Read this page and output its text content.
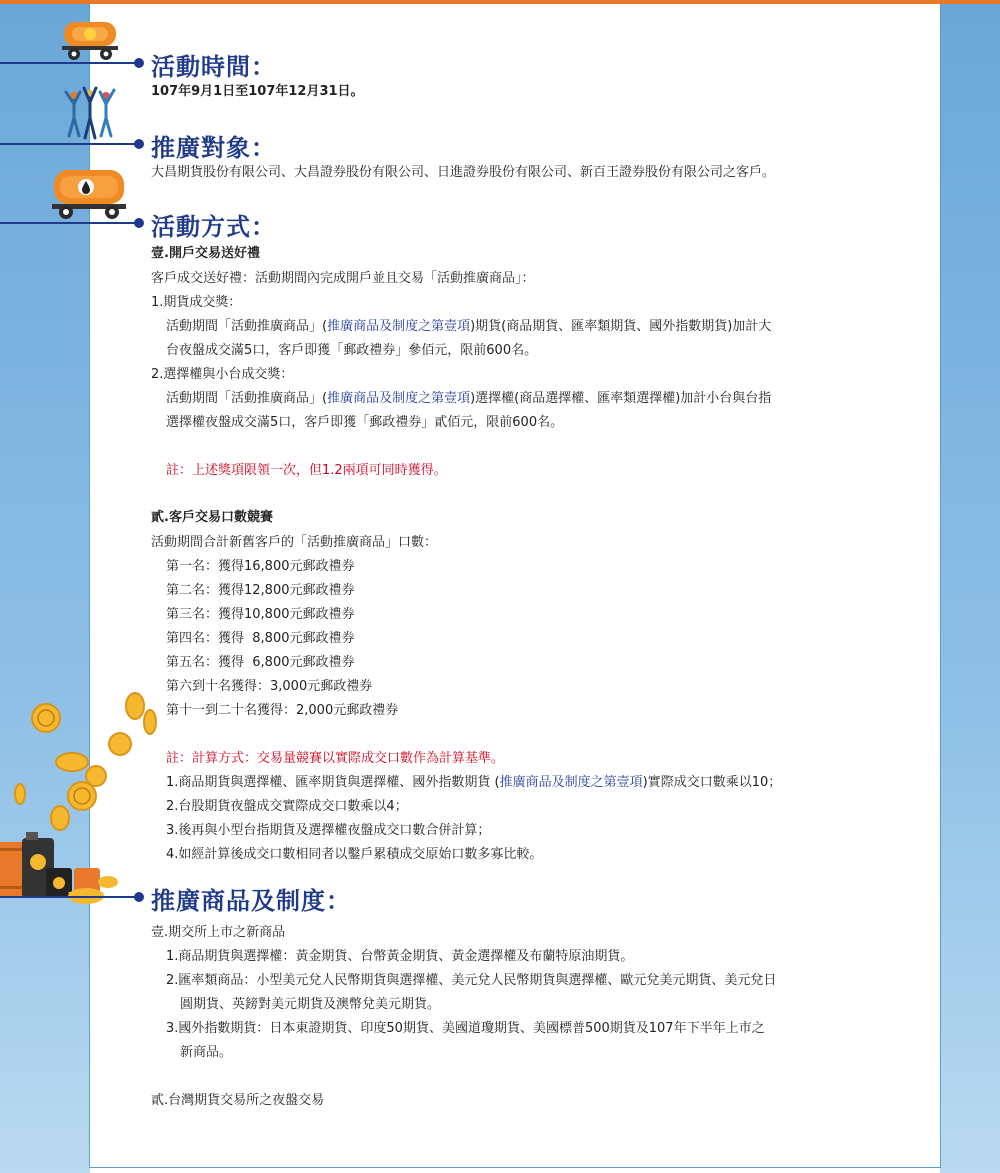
活動時間：
107年9月1日至107年12月31日。
推廣對象：
大昌期貨股份有限公司、大昌證券股份有限公司、日進證券股份有限公司、新百王證券股份有限公司之客戶。
活動方式：
壹.開戶交易送好禮
客戶成交送好禮：活動期間內完成開戶並且交易「活動推廣商品」：
1.期貨成交獎：
活動期間「活動推廣商品」(推廣商品及制度之第壹項)期貨(商品期貨、匯率類期貨、國外指數期貨)加計大
台夜盤成交滿5口，客戶即獲「郵政禮券」參佰元，限前600名。
2.選擇權與小台成交獎：
活動期間「活動推廣商品」(推廣商品及制度之第壹項)選擇權(商品選擇權、匯率類選擇權)加計小台與台指
選擇權夜盤成交滿5口，客戶即獲「郵政禮券」貳佰元，限前600名。
註：上述獎項限領一次，但1.2兩項可同時獲得。
貳.客戶交易口數競賽
活動期間合計新舊客戶的「活動推廣商品」口數：
第一名：獲得16,800元郵政禮券
第二名：獲得12,800元郵政禮券
第三名：獲得10,800元郵政禮券
第四名：獲得  8,800元郵政禮券
第五名：獲得  6,800元郵政禮券
第六到十名獲得：3,000元郵政禮券
第十一到二十名獲得：2,000元郵政禮券
註：計算方式：交易量競賽以實際成交口數作為計算基準。
1.商品期貨與選擇權、匯率期貨與選擇權、國外指數期貨 (推廣商品及制度之第壹項)實際成交口數乘以10；
2.台股期貨夜盤成交實際成交口數乘以4；
3.後再與小型台指期貨及選擇權夜盤成交口數合併計算；
4.如經計算後成交口數相同者以鑿戶累積成交原始口數多寡比較。
推廣商品及制度：
壹.期交所上市之新商品
1.商品期貨與選擇權：黃金期貨、台幣黃金期貨、黃金選擇權及布蘭特原油期貨。
2.匯率類商品：小型美元兌人民幣期貨與選擇權、美元兌人民幣期貨與選擇權、歐元兌美元期貨、美元兌日
圓期貨、英鎊對美元期貨及澳幣兌美元期貨。
3.國外指數期貨：日本東證期貨、印度50期貨、美國道瓊期貨、美國標普500期貨及107年下半年上市之
新商品。
貳.台灣期貨交易所之夜盤交易
